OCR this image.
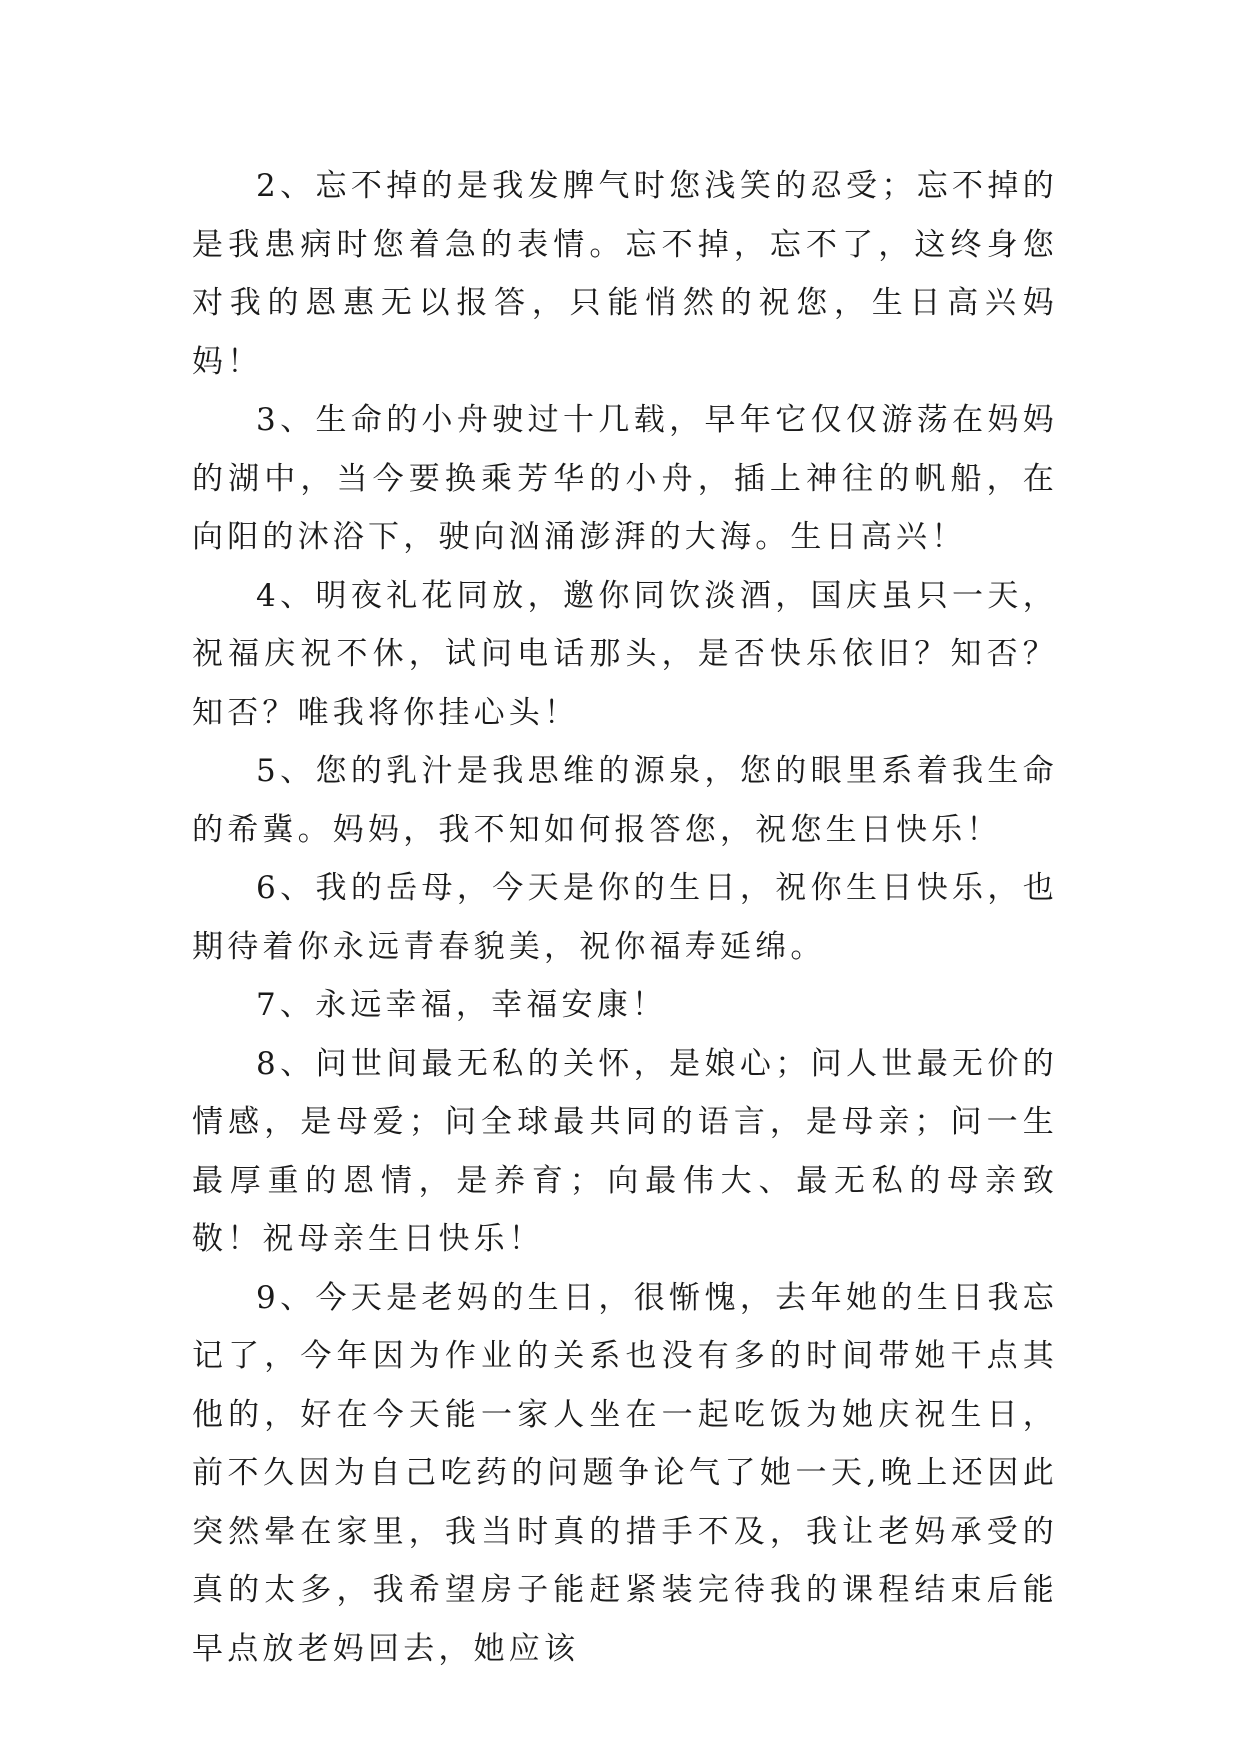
2、忘不掉的是我发脾气时您浅笑的忍受；忘不掉的是我患病时您着急的表情。忘不掉，忘不了，这终身您对我的恩惠无以报答，只能悄然的祝您，生日高兴妈妈！

3、生命的小舟驶过十几载，早年它仅仅游荡在妈妈的湖中，当今要换乘芳华的小舟，插上神往的帆船，在向阳的沐浴下，驶向汹涌澎湃的大海。生日高兴！

4、明夜礼花同放，邀你同饮淡酒，国庆虽只一天，祝福庆祝不休，试问电话那头，是否快乐依旧？知否？知否？唯我将你挂心头！

5、您的乳汁是我思维的源泉，您的眼里系着我生命的希冀。妈妈，我不知如何报答您，祝您生日快乐！

6、我的岳母，今天是你的生日，祝你生日快乐，也期待着你永远青春貌美，祝你福寿延绵。

7、永远幸福，幸福安康！

8、问世间最无私的关怀，是娘心；问人世最无价的情感，是母爱；问全球最共同的语言，是母亲；问一生最厚重的恩情，是养育；向最伟大、最无私的母亲致敬！祝母亲生日快乐！

9、今天是老妈的生日，很惭愧，去年她的生日我忘记了，今年因为作业的关系也没有多的时间带她干点其他的，好在今天能一家人坐在一起吃饭为她庆祝生日，前不久因为自己吃药的问题争论气了她一天,晚上还因此突然晕在家里，我当时真的措手不及，我让老妈承受的真的太多，我希望房子能赶紧装完待我的课程结束后能早点放老妈回去，她应该
